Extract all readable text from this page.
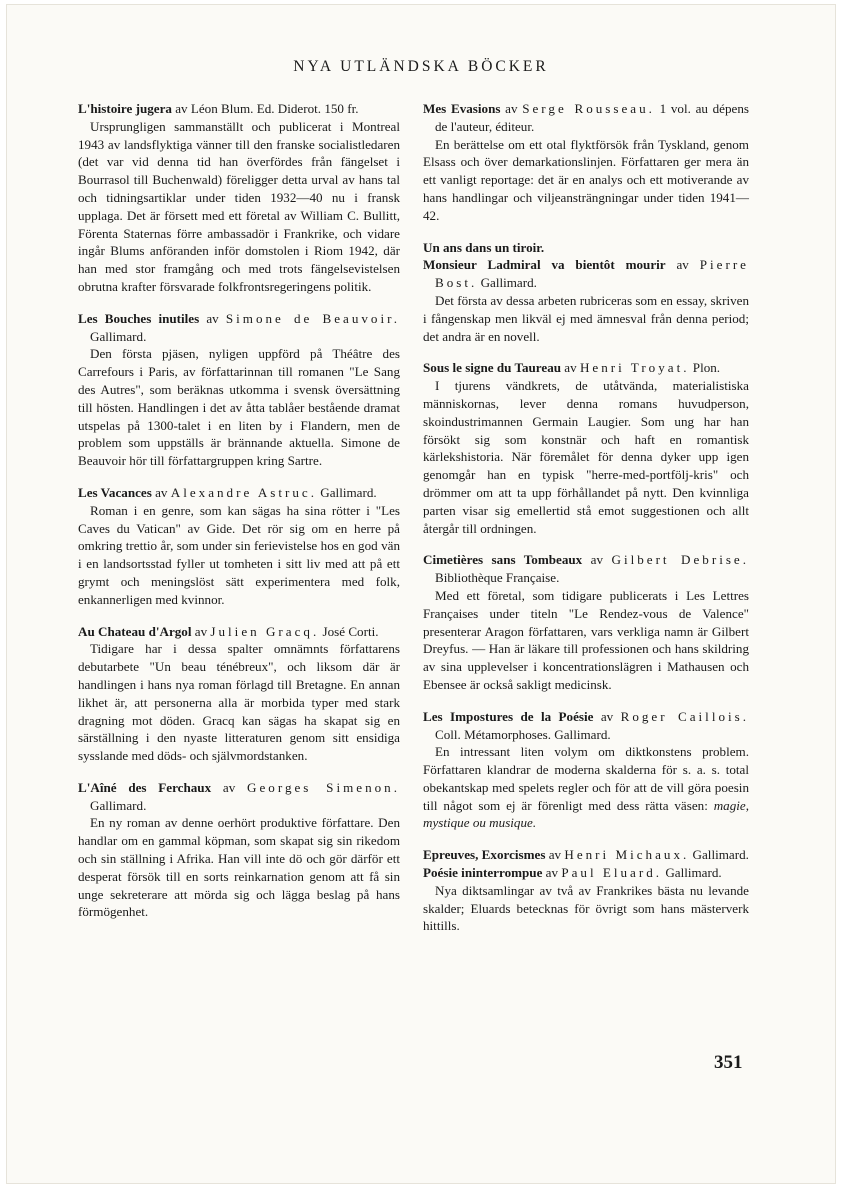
NYA UTLÄNDSKA BÖCKER

L'histoire jugera av Léon Blum. Ed. Diderot. 150 fr.

Ursprungligen sammanställt och publicerat i Montreal 1943 av landsflyktiga vänner till den franske socialistledaren (det var vid denna tid han överfördes från fängelset i Bourrasol till Buchenwald) föreligger detta urval av hans tal och tidningsartiklar under tiden 1932—40 nu i fransk upplaga. Det är försett med ett företal av William C. Bullitt, Förenta Staternas förre ambassadör i Frankrike, och vidare ingår Blums anföranden inför domstolen i Riom 1942, där han med stor framgång och med trots fängelsevistelsen obrutna krafter försvarade folkfrontsregeringens politik.

Les Bouches inutiles av Simone de Beauvoir. Gallimard.

Den första pjäsen, nyligen uppförd på Théâtre des Carrefours i Paris, av författarinnan till romanen "Le Sang des Autres", som beräknas utkomma i svensk översättning till hösten. Handlingen i det av åtta tablåer bestående dramat utspelas på 1300-talet i en liten by i Flandern, men de problem som uppställs är brännande aktuella. Simone de Beauvoir hör till författargruppen kring Sartre.

Les Vacances av Alexandre Astruc. Gallimard.

Roman i en genre, som kan sägas ha sina rötter i "Les Caves du Vatican" av Gide. Det rör sig om en herre på omkring trettio år, som under sin ferievistelse hos en god vän i en landsortsstad fyller ut tomheten i sitt liv med att på ett grymt och meningslöst sätt experimentera med folk, enkannerligen med kvinnor.

Au Chateau d'Argol av Julien Gracq. José Corti.

Tidigare har i dessa spalter omnämnts författarens debutarbete "Un beau ténébreux", och liksom där är handlingen i hans nya roman förlagd till Bretagne. En annan likhet är, att personerna alla är morbida typer med stark dragning mot döden. Gracq kan sägas ha skapat sig en särställning i den nyaste litteraturen genom sitt ensidiga sysslande med döds- och självmordstanken.

L'Aîné des Ferchaux av Georges Simenon. Gallimard.

En ny roman av denne oerhört produktive författare. Den handlar om en gammal köpman, som skapat sig sin rikedom och sin ställning i Afrika. Han vill inte dö och gör därför ett desperat försök till en sorts reinkarnation genom att få sin unge sekreterare att mörda sig och lägga beslag på hans förmögenhet.

Mes Evasions av Serge Rousseau. 1 vol. au dépens de l'auteur, éditeur.

En berättelse om ett otal flyktförsök från Tyskland, genom Elsass och över demarkationslinjen. Författaren ger mera än ett vanligt reportage: det är en analys och ett motiverande av hans handlingar och viljeansträngningar under tiden 1941—42.

Un ans dans un tiroir.

Monsieur Ladmiral va bientôt mourir av Pierre Bost. Gallimard.

Det första av dessa arbeten rubriceras som en essay, skriven i fångenskap men likväl ej med ämnesval från denna period; det andra är en novell.

Sous le signe du Taureau av Henri Troyat. Plon.

I tjurens vändkrets, de utåtvända, materialistiska människornas, lever denna romans huvudperson, skoindustrimannen Germain Laugier. Som ung har han försökt sig som konstnär och haft en romantisk kärlekshistoria. När föremålet för denna dyker upp igen genomgår han en typisk "herre-med-portfölj-kris" och drömmer om att ta upp förhållandet på nytt. Den kvinnliga parten visar sig emellertid stå emot suggestionen och allt återgår till ordningen.

Cimetières sans Tombeaux av Gilbert Debrise. Bibliothèque Française.

Med ett företal, som tidigare publicerats i Les Lettres Françaises under titeln "Le Rendez-vous de Valence" presenterar Aragon författaren, vars verkliga namn är Gilbert Dreyfus. — Han är läkare till professionen och hans skildring av sina upplevelser i koncentrationslägren i Mathausen och Ebensee är också sakligt medicinsk.

Les Impostures de la Poésie av Roger Caillois. Coll. Métamorphoses. Gallimard.

En intressant liten volym om diktkonstens problem. Författaren klandrar de moderna skalderna för s. a. s. total obekantskap med spelets regler och för att de vill göra poesin till något som ej är förenligt med dess rätta väsen: magie, mystique ou musique.

Epreuves, Exorcismes av Henri Michaux. Gallimard.

Poésie ininterrompue av Paul Eluard. Gallimard.

Nya diktsamlingar av två av Frankrikes bästa nu levande skalder; Eluards betecknas för övrigt som hans mästerverk hittills.

351
